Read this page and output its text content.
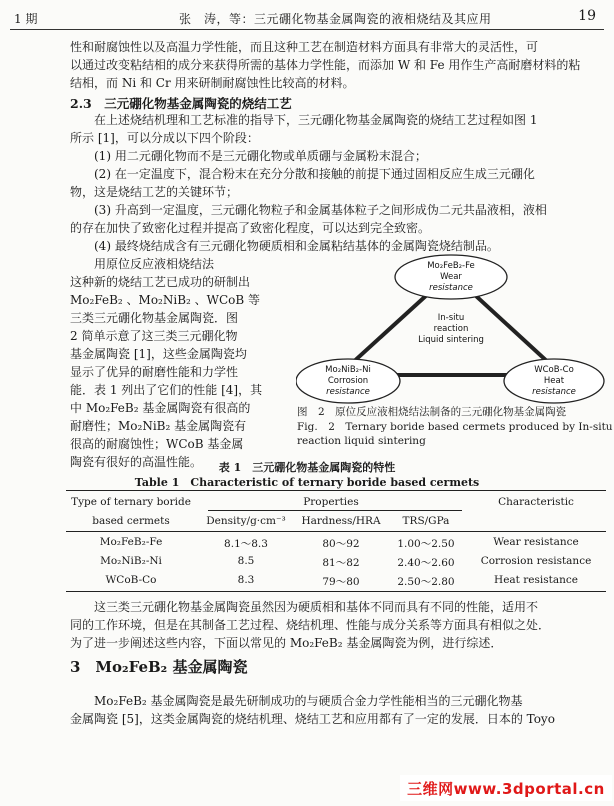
1 期	张　涛，等：三元硼化物基金属陶瓷的液相烧结及其应用	19
性和耐腐蚀性以及高温力学性能，而且这种工艺在制造材料方面具有非常大的灵活性，可
以通过改变粘结相的成分来获得所需的基体力学性能，而添加 W 和 Fe 用作生产高耐磨材料的粘
结相，而 Ni 和 Cr 用来研制耐腐蚀性比较高的材料。
2.3　三元硼化物基金属陶瓷的烧结工艺
在上述烧结机理和工艺标准的指导下，三元硼化物基金属陶瓷的烧结工艺过程如图 1
所示 [1]，可以分成以下四个阶段：
(1) 用二元硼化物而不是三元硼化物或单质硼与金属粉末混合；
(2) 在一定温度下，混合粉末在充分分散和接触的前提下通过固相反应生成三元硼化
物，这是烧结工艺的关键环节；
(3) 升高到一定温度，三元硼化物粒子和金属基体粒子之间形成伪二元共晶液相，液相
的存在加快了致密化过程并提高了致密化程度，可以达到完全致密。
(4) 最终烧结成含有三元硼化物硬质相和金属粘结基体的金属陶瓷烧结制品。
用原位反应液相烧结法
这种新的烧结工艺已成功的研制出
Mo₂FeB₂ 、Mo₂NiB₂ 、WCoB 等
三类三元硼化物基金属陶瓷．图
2 简单示意了这三类三元硼化物
基金属陶瓷 [1]，这些金属陶瓷均
显示了优异的耐磨性能和力学性
能．表 1 列出了它们的性能 [4]，其
中 Mo₂FeB₂ 基金属陶瓷有很高的
耐磨性；Mo₂NiB₂ 基金属陶瓷有
很高的耐腐蚀性；WCoB 基金属
陶瓷有很好的高温性能。
Mo₂FeB₂-Fe
Wear
resistance
Mo₂NiB₂-Ni
Corrosion
resistance
WCoB-Co
Heat
resistance
In-situ
reaction
Liquid sintering
图　2　原位反应液相烧结法制备的三元硼化物基金属陶瓷
Fig.　2　Ternary boride based cermets produced by In-situ
reaction liquid sintering
表 1　三元硼化物基金属陶瓷的特性
Table 1　Characteristic of ternary boride based cermets
Type of ternary boride
based cermets
Properties	Characteristic
Density/g·cm⁻³	Hardness/HRA	TRS/GPa
Mo₂FeB₂-Fe	8.1～8.3	80～92	1.00～2.50	Wear resistance
Mo₂NiB₂-Ni	8.5	81～82	2.40～2.60	Corrosion resistance
WCoB-Co	8.3	79～80	2.50～2.80	Heat resistance
这三类三元硼化物基金属陶瓷虽然因为硬质相和基体不同而具有不同的性能，适用不
同的工作环境，但是在其制备工艺过程、烧结机理、性能与成分关系等方面具有相似之处．
为了进一步阐述这些内容，下面以常见的 Mo₂FeB₂ 基金属陶瓷为例，进行综述．
3　Mo₂FeB₂ 基金属陶瓷
Mo₂FeB₂ 基金属陶瓷是最先研制成功的与硬质合金力学性能相当的三元硼化物基
金属陶瓷 [5]，这类金属陶瓷的烧结机理、烧结工艺和应用都有了一定的发展．日本的 Toyo
三维网www.3dportal.cn
